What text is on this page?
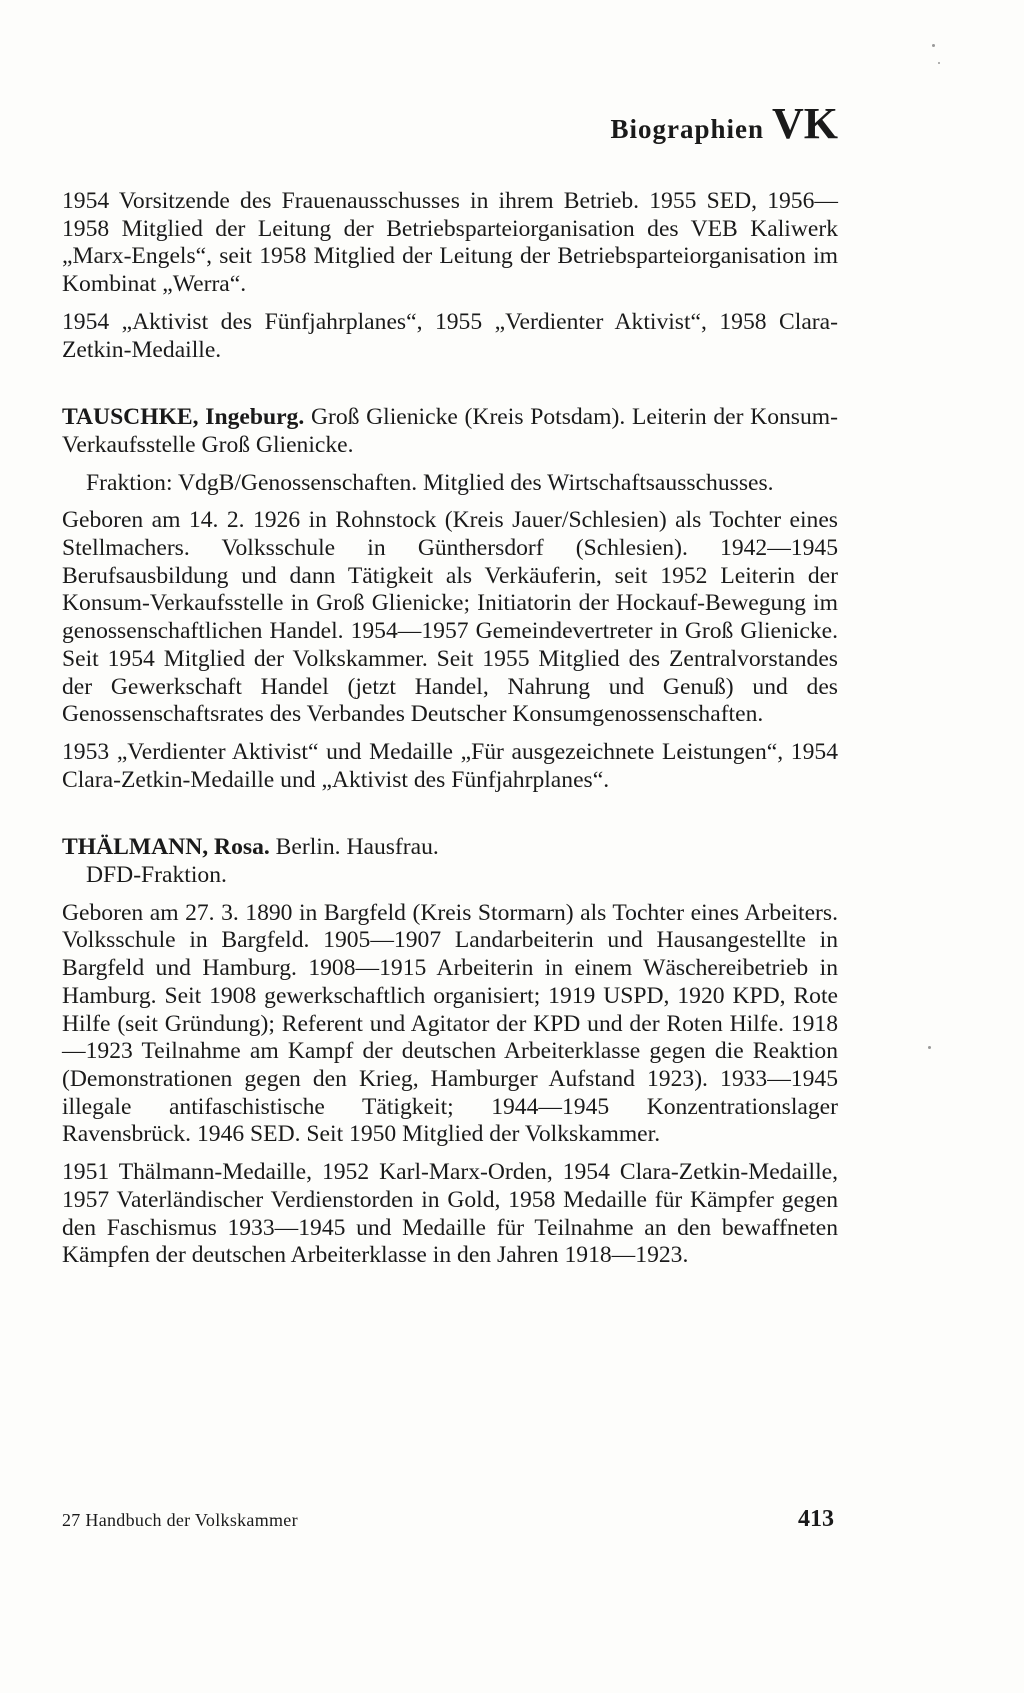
Biographien VK

1954 Vorsitzende des Frauenausschusses in ihrem Betrieb. 1955 SED, 1956—1958 Mitglied der Leitung der Betriebsparteiorganisation des VEB Kaliwerk „Marx-Engels“, seit 1958 Mitglied der Leitung der Betriebsparteiorganisation im Kombinat „Werra“.

1954 „Aktivist des Fünfjahrplanes“, 1955 „Verdienter Aktivist“, 1958 Clara-Zetkin-Medaille.

TAUSCHKE, Ingeburg. Groß Glienicke (Kreis Potsdam). Leiterin der Konsum-Verkaufsstelle Groß Glienicke.

Fraktion: VdgB/Genossenschaften. Mitglied des Wirtschaftsausschusses.

Geboren am 14. 2. 1926 in Rohnstock (Kreis Jauer/Schlesien) als Tochter eines Stellmachers. Volksschule in Günthersdorf (Schlesien). 1942—1945 Berufsausbildung und dann Tätigkeit als Verkäuferin, seit 1952 Leiterin der Konsum-Verkaufsstelle in Groß Glienicke; Initiatorin der Hockauf-Bewegung im genossenschaftlichen Handel. 1954—1957 Gemeindevertreter in Groß Glienicke. Seit 1954 Mitglied der Volkskammer. Seit 1955 Mitglied des Zentralvorstandes der Gewerkschaft Handel (jetzt Handel, Nahrung und Genuß) und des Genossenschaftsrates des Verbandes Deutscher Konsumgenossenschaften.

1953 „Verdienter Aktivist“ und Medaille „Für ausgezeichnete Leistungen“, 1954 Clara-Zetkin-Medaille und „Aktivist des Fünfjahrplanes“.

THÄLMANN, Rosa. Berlin. Hausfrau.

DFD-Fraktion.

Geboren am 27. 3. 1890 in Bargfeld (Kreis Stormarn) als Tochter eines Arbeiters. Volksschule in Bargfeld. 1905—1907 Landarbeiterin und Hausangestellte in Bargfeld und Hamburg. 1908—1915 Arbeiterin in einem Wäschereibetrieb in Hamburg. Seit 1908 gewerkschaftlich organisiert; 1919 USPD, 1920 KPD, Rote Hilfe (seit Gründung); Referent und Agitator der KPD und der Roten Hilfe. 1918—1923 Teilnahme am Kampf der deutschen Arbeiterklasse gegen die Reaktion (Demonstrationen gegen den Krieg, Hamburger Aufstand 1923). 1933—1945 illegale antifaschistische Tätigkeit; 1944—1945 Konzentrationslager Ravensbrück. 1946 SED. Seit 1950 Mitglied der Volkskammer.

1951 Thälmann-Medaille, 1952 Karl-Marx-Orden, 1954 Clara-Zetkin-Medaille, 1957 Vaterländischer Verdienstorden in Gold, 1958 Medaille für Kämpfer gegen den Faschismus 1933—1945 und Medaille für Teilnahme an den bewaffneten Kämpfen der deutschen Arbeiterklasse in den Jahren 1918—1923.

27 Handbuch der Volkskammer	413
